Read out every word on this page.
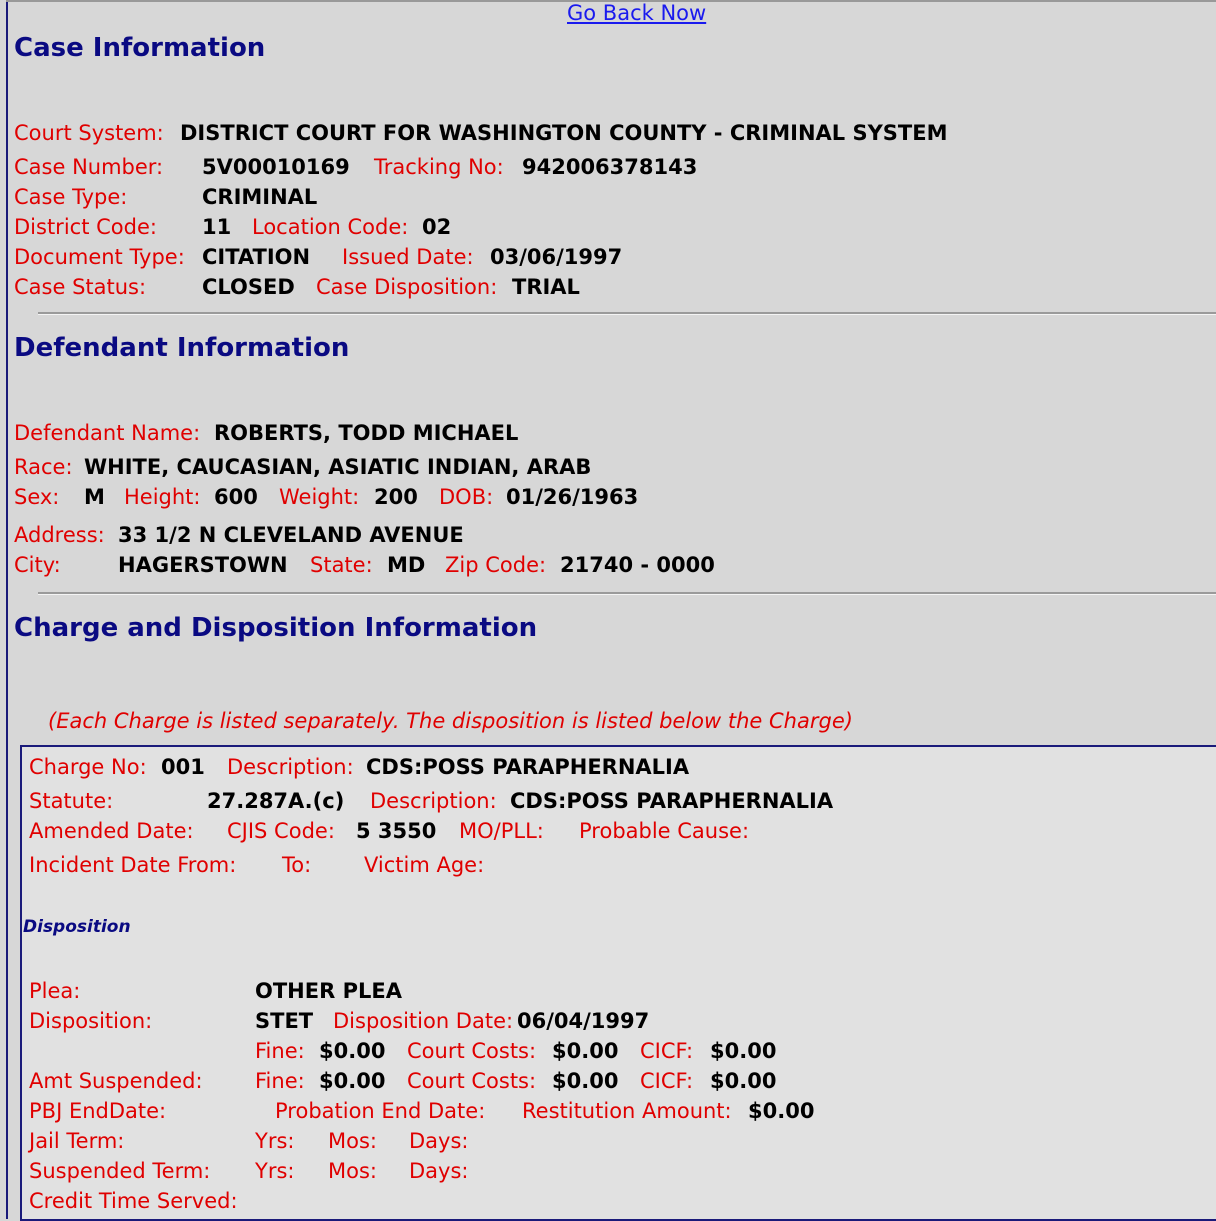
Go Back Now
Case Information
Court System: DISTRICT COURT FOR WASHINGTON COUNTY - CRIMINAL SYSTEM
Case Number: 5V00010169 Tracking No: 942006378143
Case Type:	CRIMINAL
District Code: 11 Location Code: 02
Document Type: CITATION Issued Date: 03/06/1997
Case Status:	CLOSED Case Disposition: TRIAL
Defendant Information
Defendant Name: ROBERTS, TODD MICHAEL
Race: WHITE, CAUCASIAN, ASIATIC INDIAN, ARAB
Sex: M Height: 600 Weight: 200 DOB: 01/26/1963
Address: 33 1/2 N CLEVELAND AVENUE
City:	HAGERSTOWN State: MD Zip Code: 21740 - 0000
Charge and Disposition Information
(Each Charge is listed separately. The disposition is listed below the Charge)
Charge No: 001 Description: CDS:POSS PARAPHERNALIA
Statute:	27.287A.(c) Description: CDS:POSS PARAPHERNALIA
Amended Date: CJIS Code: 5 3550 MO/PLL: Probable Cause:
Incident Date From: To:	Victim Age:
Disposition
Plea:	OTHER PLEA
Disposition:	STET Disposition Date: 06/04/1997
Fine: $0.00 Court Costs: $0.00 CICF: $0.00
Amt Suspended: Fine: $0.00 Court Costs: $0.00 CICF: $0.00
PBJ EndDate:	Probation End Date: Restitution Amount: $0.00
Jail Term:	Yrs: Mos: Days:
Suspended Term: Yrs: Mos: Days:
Credit Time Served:
